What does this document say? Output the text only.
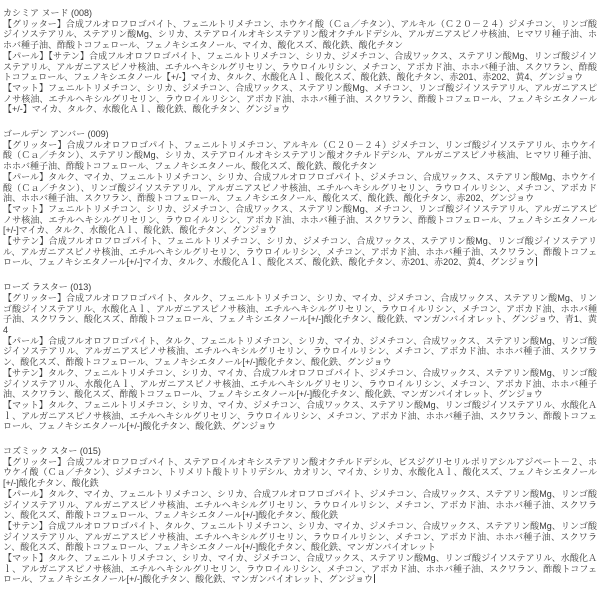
カシミア ヌード (008)

【グリッター】合成フルオロフロゴパイト、フェニルトリメチコン、ホウケイ酸（Ｃａ／チタン）、アルキル（Ｃ２０－２４）ジメチコン、リンゴ酸ジイソステアリル、ステアリン酸Mg、シリカ、ステアロイルオキシステアリン酸オクチルドデシル、アルガニアスピノサ核油、ヒマワリ種子油、ホホバ種子油、酢酸トコフェロール、フェノキシエタノール、マイカ、酸化スズ、酸化鉄、酸化チタン

【パール】【サテン】合成フルオロフロゴパイト、フェニルトリメチコン、シリカ、ジメチコン、合成ワックス、ステアリン酸Mg、リンゴ酸ジイソステアリル、アルガニアスピノサ核油、エチルヘキシルグリセリン、ラウロイルリシン、メチコン、アボカド油、ホホバ種子油、スクワラン、酢酸トコフェロール、フェノキシエタノール【+/-】マイカ、タルク、水酸化Ａｌ、酸化スズ、酸化鉄、酸化チタン、赤201、赤202、黄4、グンジョウ

【マット】フェニルトリメチコン、シリカ、ジメチコン、合成ワックス、ステアリン酸Mg、メチコン、リンゴ酸ジイソステアリル、アルガニアスピノサ核油、エチルヘキシルグリセリン、ラウロイルリシン、アボカド油、ホホバ種子油、スクワラン、酢酸トコフェロール、フェノキシエタノール【+/-】マイカ、タルク、水酸化Ａｌ、酸化鉄、酸化チタン、グンジョウ

ゴールデン アンバー (009)

【グリッター】合成フルオロフロゴパイト、フェニルトリメチコン、アルキル（Ｃ２０－２４）ジメチコン、リンゴ酸ジイソステアリル、ホウケイ酸（Ｃａ／チタン）、ステアリン酸Mg、シリカ、ステアロイルオキシステアリン酸オクチルドデシル、アルガニアスピノサ核油、ヒマワリ種子油、ホホバ種子油、酢酸トコフェロール、フェノキシエタノール、酸化スズ、酸化鉄、酸化チタン

【パール】タルク、マイカ、フェニルトリメチコン、シリカ、合成フルオロフロゴパイト、ジメチコン、合成ワックス、ステアリン酸Mg、ホウケイ酸（Ｃａ／チタン）、リンゴ酸ジイソステアリル、アルガニアスピノサ核油、エチルヘキシルグリセリン、ラウロイルリシン、メチコン、アボカド油、ホホバ種子油、スクワラン、酢酸トコフェロール、フェノキシエタノール、酸化スズ、酸化鉄、酸化チタン、赤202、グンジョウ

【マット】フェニルトリメチコン、シリカ、ジメチコン、合成ワックス、ステアリン酸Mg、メチコン、リンゴ酸ジイソステアリル、アルガニアスピノサ核油、エチルヘキシルグリセリン、ラウロイルリシン、アボカド油、ホホバ種子油、スクワラン、酢酸トコフェロール、フェノキシエタノール[+/-]マイカ、タルク、水酸化Ａｌ、酸化鉄、酸化チタン、グンジョウ

【サテン】合成フルオロフロゴパイト、フェニルトリメチコン、シリカ、ジメチコン、合成ワックス、ステアリン酸Mg、リンゴ酸ジイソステアリル、アルガニアスピノサ核油、エチルヘキシルグリセリン、ラウロイルリシン、メチコン、アボカド油、ホホバ種子油、スクワラン、酢酸トコフェロール、フェノキシエタノール[+/-]マイカ、タルク、水酸化Ａｌ、酸化スズ、酸化鉄、酸化チタン、赤201、赤202、黄4、グンジョウ

ローズ ラスター (013)

【グリッター】合成フルオロフロゴパイト、タルク、フェニルトリメチコン、シリカ、マイカ、ジメチコン、合成ワックス、ステアリン酸Mg、リンゴ酸ジイソステアリル、水酸化Ａｌ、アルガニアスピノサ核油、エチルヘキシルグリセリン、ラウロイルリシン、メチコン、アボカド油、ホホバ種子油、スクワラン、酸化スズ、酢酸トコフェロール、フェノキシエタノール[+/-]酸化チタン、酸化鉄、マンガンバイオレット、グンジョウ、青1、黄4

【パール】合成フルオロフロゴパイト、タルク、フェニルトリメチコン、シリカ、マイカ、ジメチコン、合成ワックス、ステアリン酸Mg、リンゴ酸ジイソステアリル、アルガニアスピノサ核油、エチルヘキシルグリセリン、ラウロイルリシン、メチコン、アボカド油、ホホバ種子油、スクワラン、酸化スズ、酢酸トコフェロール、フェノキシエタノール[+/-]酸化チタン、酸化鉄、グンジョウ

【サテン】タルク、フェニルトリメチコン、シリカ、マイカ、合成フルオロフロゴパイト、ジメチコン、合成ワックス、ステアリン酸Mg、リンゴ酸ジイソステアリル、水酸化Ａｌ、アルガニアスピノサ核油、エチルヘキシルグリセリン、ラウロイルリシン、メチコン、アボカド油、ホホバ種子油、スクワラン、酸化スズ、酢酸トコフェロール、フェノキシエタノール[+/-]酸化チタン、酸化鉄、マンガンバイオレット、グンジョウ

【マット】タルク、フェニルトリメチコン、シリカ、マイカ、ジメチコン、合成ワックス、ステアリン酸Mg、リンゴ酸ジイソステアリル、水酸化Ａｌ、アルガニアスピノサ核油、エチルヘキシルグリセリン、ラウロイルリシン、メチコン、アボカド油、ホホバ種子油、スクワラン、酢酸トコフェロール、フェノキシエタノール[+/-]酸化チタン、酸化鉄、グンジョウ

コズミック スター (015)

【グリッター】合成フルオロフロゴパイト、ステアロイルオキシステアリン酸オクチルドデシル、ビスジグリセリルポリアシルアジペート－２、ホウケイ酸（Ｃａ／チタン）、ジメチコン、トリメリト酸トリトリデシル、カオリン、マイカ、シリカ、水酸化Ａｌ、酸化スズ、フェノキシエタノール[+/-]酸化チタン、酸化鉄

【パール】タルク、マイカ、フェニルトリメチコン、シリカ、合成フルオロフロゴパイト、ジメチコン、合成ワックス、ステアリン酸Mg、リンゴ酸ジイソステアリル、アルガニアスピノサ核油、エチルヘキシルグリセリン、ラウロイルリシン、メチコン、アボカド油、ホホバ種子油、スクワラン、酸化スズ、酢酸トコフェロール、フェノキシエタノール[+/-]酸化チタン、酸化鉄

【サテン】合成フルオロフロゴパイト、タルク、フェニルトリメチコン、シリカ、マイカ、ジメチコン、合成ワックス、ステアリン酸Mg、リンゴ酸ジイソステアリル、アルガニアスピノサ核油、エチルヘキシルグリセリン、ラウロイルリシン、メチコン、アボカド油、ホホバ種子油、スクワラン、酸化スズ、酢酸トコフェロール、フェノキシエタノール[+/-]酸化チタン、酸化鉄、マンガンバイオレット

【マット】タルク、フェニルトリメチコン、シリカ、マイカ、ジメチコン、合成ワックス、ステアリン酸Mg、リンゴ酸ジイソステアリル、水酸化Ａｌ、アルガニアスピノサ核油、エチルヘキシルグリセリン、ラウロイルリシン、メチコン、アボカド油、ホホバ種子油、スクワラン、酢酸トコフェロール、フェノキシエタノール[+/-]酸化チタン、酸化鉄、マンガンバイオレット、グンジョウ
